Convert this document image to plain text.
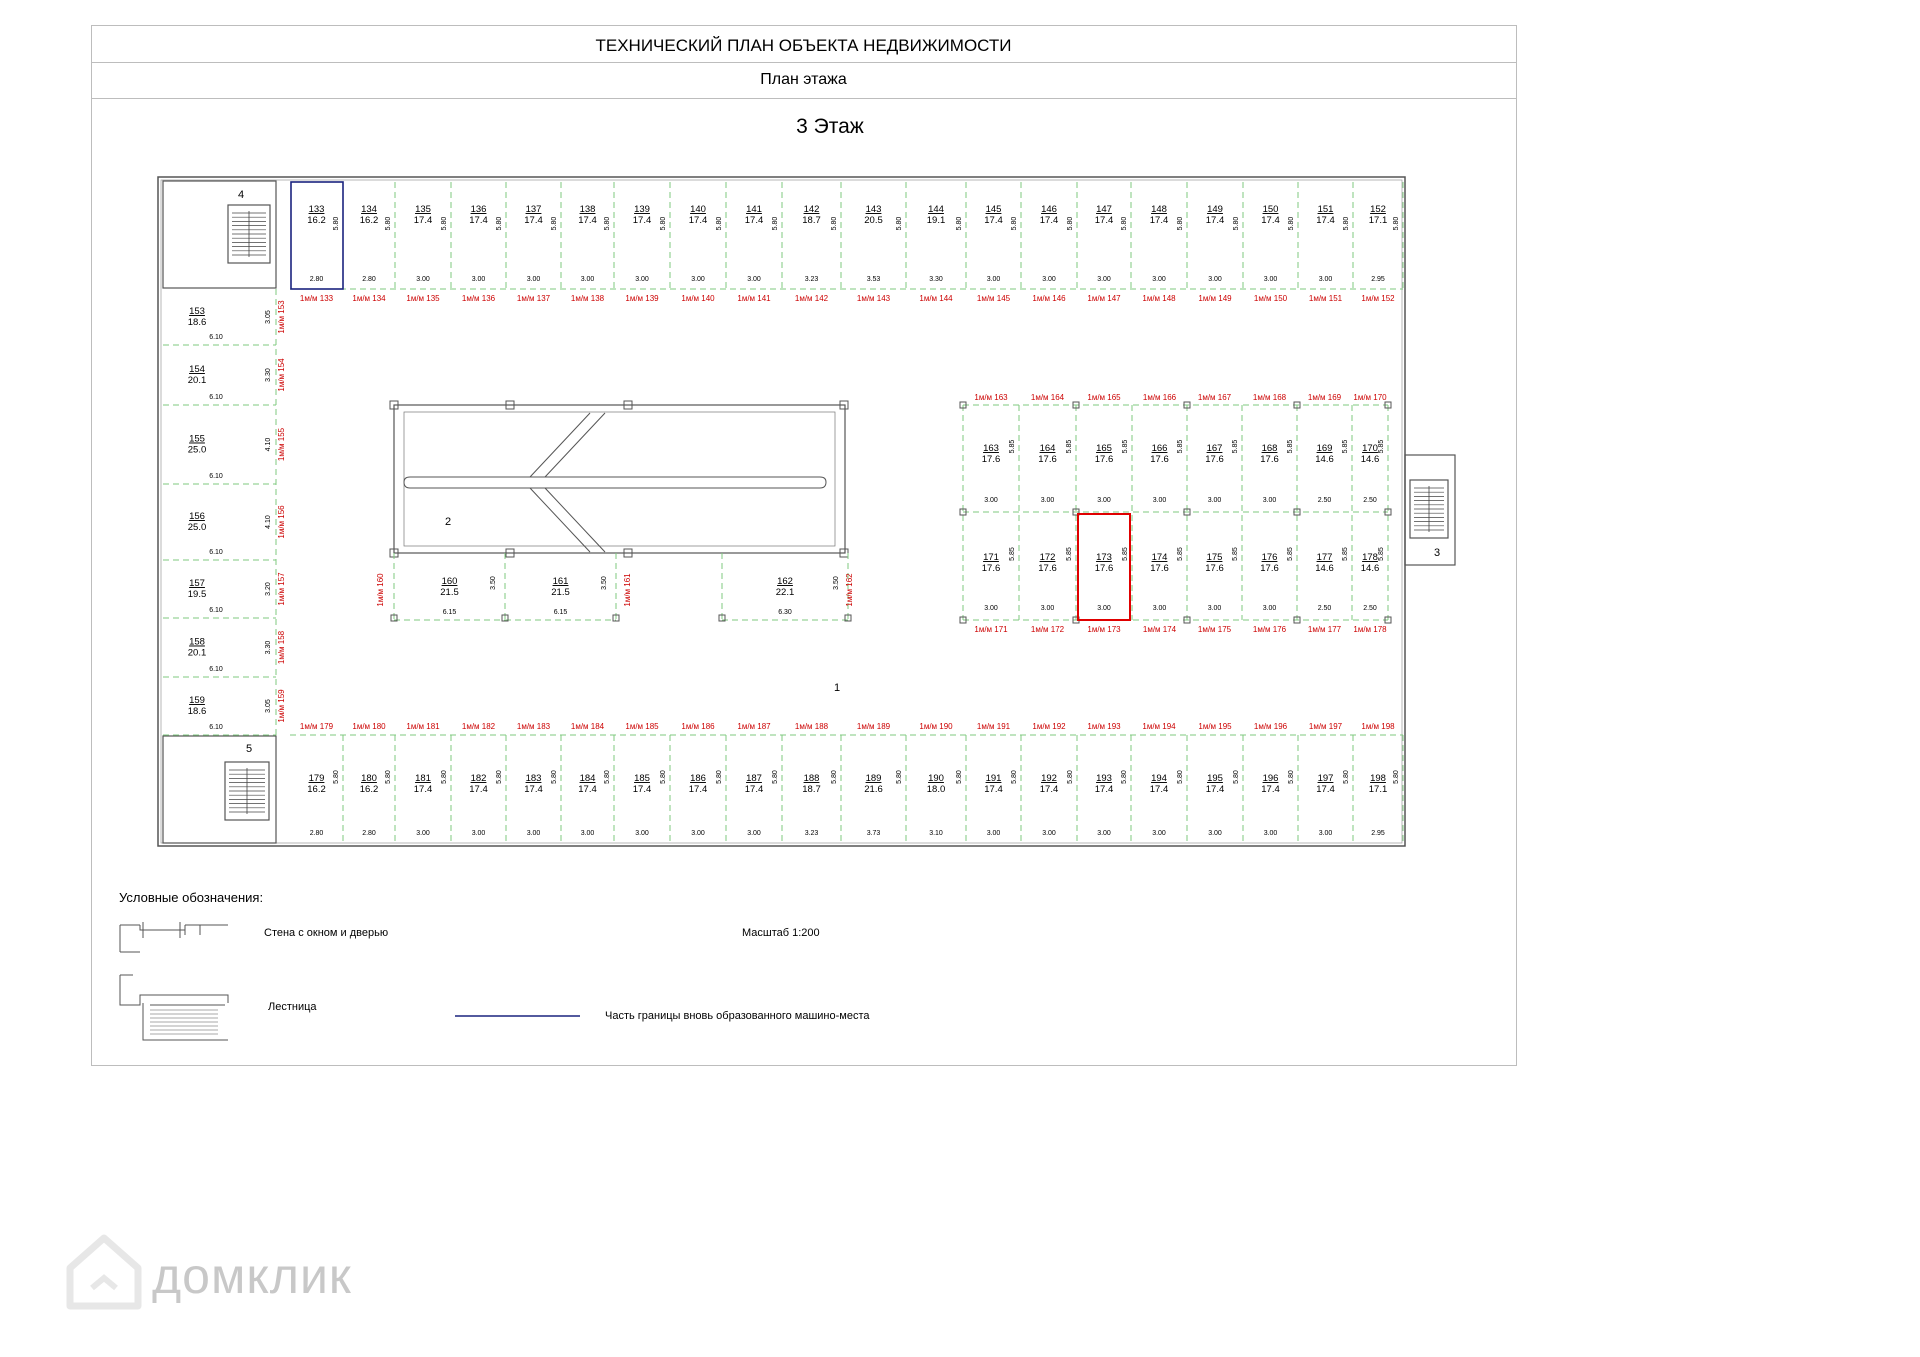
ТЕХНИЧЕСКИЙ ПЛАН ОБЪЕКТА НЕДВИЖИМОСТИ
План этажа
3 Этаж
4
5
3
1
2
133
16.2
2.80
5.80
1м/м 133
134
16.2
2.80
5.80
1м/м 134
135
17.4
3.00
5.80
1м/м 135
136
17.4
3.00
5.80
1м/м 136
137
17.4
3.00
5.80
1м/м 137
138
17.4
3.00
5.80
1м/м 138
139
17.4
3.00
5.80
1м/м 139
140
17.4
3.00
5.80
1м/м 140
141
17.4
3.00
5.80
1м/м 141
142
18.7
3.23
5.80
1м/м 142
143
20.5
3.53
5.80
1м/м 143
144
19.1
3.30
5.80
1м/м 144
145
17.4
3.00
5.80
1м/м 145
146
17.4
3.00
5.80
1м/м 146
147
17.4
3.00
5.80
1м/м 147
148
17.4
3.00
5.80
1м/м 148
149
17.4
3.00
5.80
1м/м 149
150
17.4
3.00
5.80
1м/м 150
151
17.4
3.00
5.80
1м/м 151
152
17.1
2.95
5.80
1м/м 152
179
16.2
2.80
5.80
1м/м 179
180
16.2
2.80
5.80
1м/м 180
181
17.4
3.00
5.80
1м/м 181
182
17.4
3.00
5.80
1м/м 182
183
17.4
3.00
5.80
1м/м 183
184
17.4
3.00
5.80
1м/м 184
185
17.4
3.00
5.80
1м/м 185
186
17.4
3.00
5.80
1м/м 186
187
17.4
3.00
5.80
1м/м 187
188
18.7
3.23
5.80
1м/м 188
189
21.6
3.73
5.80
1м/м 189
190
18.0
3.10
5.80
1м/м 190
191
17.4
3.00
5.80
1м/м 191
192
17.4
3.00
5.80
1м/м 192
193
17.4
3.00
5.80
1м/м 193
194
17.4
3.00
5.80
1м/м 194
195
17.4
3.00
5.80
1м/м 195
196
17.4
3.00
5.80
1м/м 196
197
17.4
3.00
5.80
1м/м 197
198
17.1
2.95
5.80
1м/м 198
153
18.6
6.10
3.05 1м/м 153
154
20.1
6.10
3.30 1м/м 154
155
25.0
6.10
4.10 1м/м 155
156
25.0
6.10
4.10 1м/м 156
157
19.5
6.10
3.20 1м/м 157
158
20.1
6.10
3.30 1м/м 158
159
18.6
6.10
3.05 1м/м 159
160
21.5
6.15
3.50	161
21.5
6.15
3.50	162
22.1
6.30
3.50
1м/м 160	1м/м 161	1м/м 162
163
17.6
3.00
5.85
171
17.6
3.00
5.85
1м/м 163
1м/м 171
164
17.6
3.00
5.85
172
17.6
3.00
5.85
1м/м 164
1м/м 172
165
17.6
3.00
5.85
173
17.6
3.00
5.85
1м/м 165
1м/м 173
166
17.6
3.00
5.85
174
17.6
3.00
5.85
1м/м 166
1м/м 174
167
17.6
3.00
5.85
175
17.6
3.00
5.85
1м/м 167
1м/м 175
168
17.6
3.00
5.85
176
17.6
3.00
5.85
1м/м 168
1м/м 176
169
14.6
2.50
5.85
177
14.6
2.50
5.85
1м/м 169
1м/м 177
170
14.6
2.50
5.85
178
14.6
2.50
5.85
1м/м 170
1м/м 178
Условные обозначения:
Стена с окном и дверью
Лестница
Масштаб 1:200
Часть границы вновь образованного машино-места
домклик
